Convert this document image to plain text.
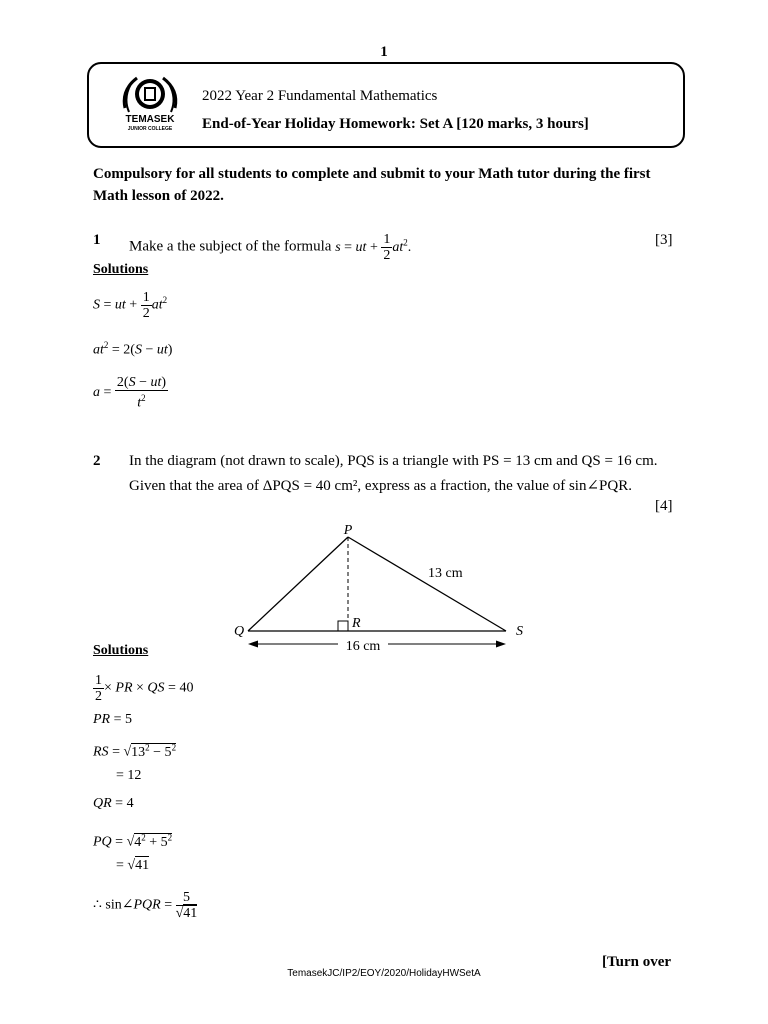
1
TEMASEK
JUNIOR COLLEGE
2022 Year 2 Fundamental Mathematics
End-of-Year Holiday Homework: Set A [120 marks, 3 hours]
Compulsory for all students to complete and submit to your Math tutor during the first Math lesson of 2022.
1 Make a the subject of the formula s = ut + $\frac{1}{2} at^2$.	[3]
Solutions
S = ut + $\frac{1}{2} at^2$
$at^2 = 2(S - ut)$
$a = \frac{2(S - ut)}{t^2}$
2 In the diagram (not drawn to scale), PQS is a triangle with PS = 13 cm and QS = 16 cm.
Given that the area of ΔPQS = 40 cm², express as a fraction, the value of sin∠PQR.
[4]
P
Q
R
S
13 cm
16 cm
Solutions
$\frac{1}{2}$ × PR × QS = 40
PR = 5
RS = $√13^2 - 5^2$
= 12
QR = 4
PQ = $√4^2 + 5^2$
= √41
∴ sin∠PQR = $\frac{5}{√41}$
[Turn over
TemasekJC/IP2/EOY/2020/HolidayHWSetA
